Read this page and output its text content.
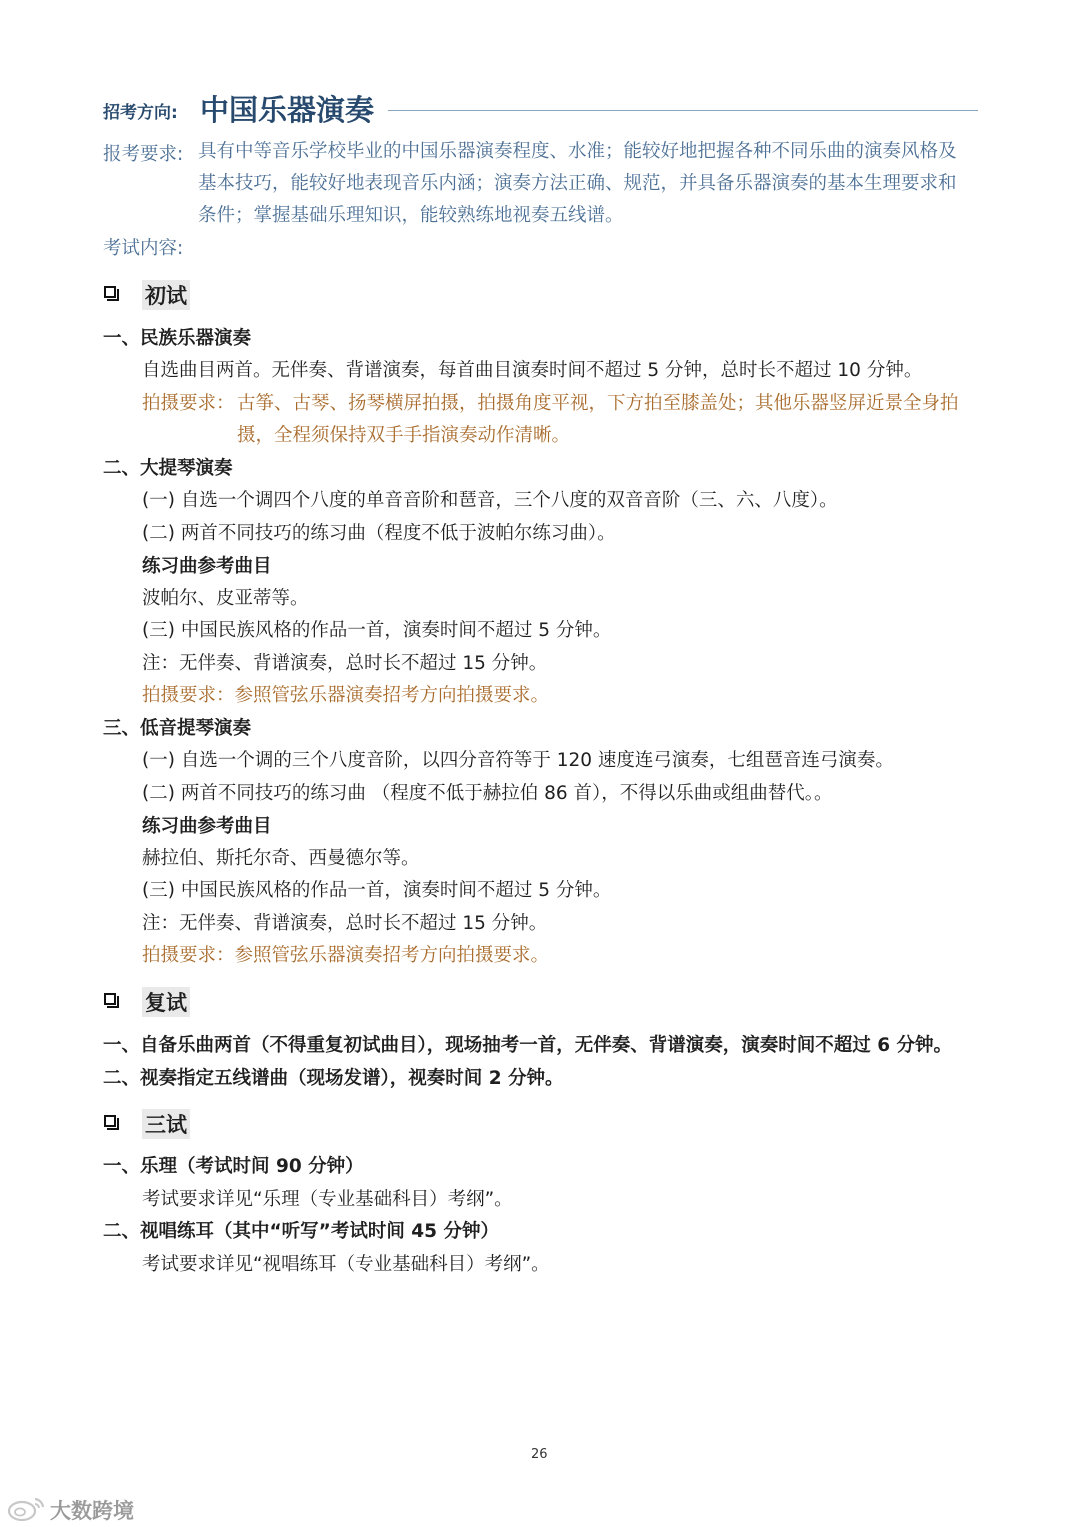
招考方向: 中国乐器演奏
报考要求: 具有中等音乐学校毕业的中国乐器演奏程度、水准；能较好地把握各种不同乐曲的演奏风格及
基本技巧，能较好地表现音乐内涵；演奏方法正确、规范，并具备乐器演奏的基本生理要求和
条件；掌握基础乐理知识，能较熟练地视奏五线谱。
考试内容:
初试
一、民族乐器演奏
自选曲目两首。无伴奏、背谱演奏，每首曲目演奏时间不超过 5 分钟，总时长不超过 10 分钟。
拍摄要求： 古筝、古琴、扬琴横屏拍摄，拍摄角度平视，下方拍至膝盖处；其他乐器竖屏近景全身拍
摄，全程须保持双手手指演奏动作清晰。
二、大提琴演奏
(一) 自选一个调四个八度的单音音阶和琶音，三个八度的双音音阶（三、六、八度）。
(二) 两首不同技巧的练习曲（程度不低于波帕尔练习曲）。
练习曲参考曲目
波帕尔、皮亚蒂等。
(三) 中国民族风格的作品一首，演奏时间不超过 5 分钟。
注：无伴奏、背谱演奏，总时长不超过 15 分钟。
拍摄要求：参照管弦乐器演奏招考方向拍摄要求。
三、低音提琴演奏
(一) 自选一个调的三个八度音阶，以四分音符等于 120 速度连弓演奏，七组琶音连弓演奏。
(二) 两首不同技巧的练习曲 （程度不低于赫拉伯 86 首），不得以乐曲或组曲替代。。
练习曲参考曲目
赫拉伯、斯托尔奇、西曼德尔等。
(三) 中国民族风格的作品一首，演奏时间不超过 5 分钟。
注：无伴奏、背谱演奏，总时长不超过 15 分钟。
拍摄要求：参照管弦乐器演奏招考方向拍摄要求。
复试
一、自备乐曲两首（不得重复初试曲目），现场抽考一首，无伴奏、背谱演奏，演奏时间不超过 6 分钟。
二、视奏指定五线谱曲（现场发谱），视奏时间 2 分钟。
三试
一、乐理（考试时间 90 分钟）
考试要求详见“乐理（专业基础科目）考纲”。
二、视唱练耳（其中“听写”考试时间 45 分钟）
考试要求详见“视唱练耳（专业基础科目）考纲”。
26
大数跨境
